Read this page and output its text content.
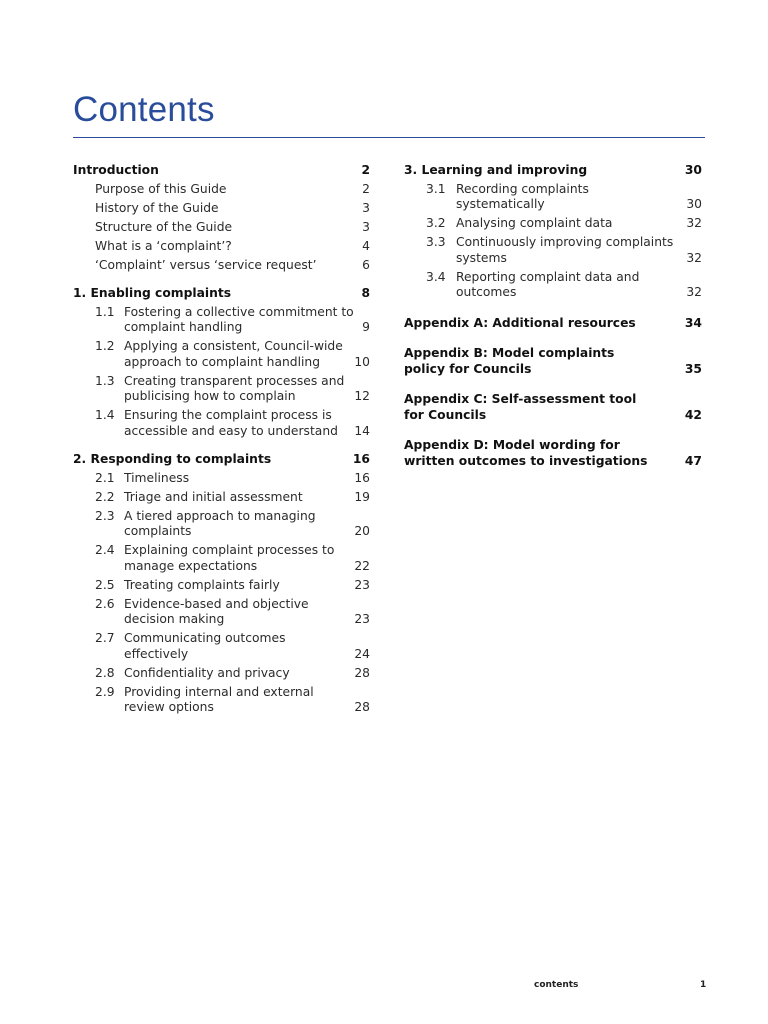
Contents
Introduction	2
Purpose of this Guide	2
History of the Guide	3
Structure of the Guide	3
What is a ‘complaint’?	4
‘Complaint’ versus ‘service request’	6
1. Enabling complaints	8
1.1 Fostering a collective commitment to complaint handling	9
1.2 Applying a consistent, Council-wide approach to complaint handling	10
1.3 Creating transparent processes and publicising how to complain	12
1.4 Ensuring the complaint process is accessible and easy to understand	14
2. Responding to complaints	16
2.1 Timeliness	16
2.2 Triage and initial assessment	19
2.3 A tiered approach to managing complaints	20
2.4 Explaining complaint processes to manage expectations	22
2.5 Treating complaints fairly	23
2.6 Evidence-based and objective decision making	23
2.7 Communicating outcomes effectively	24
2.8 Confidentiality and privacy	28
2.9 Providing internal and external review options	28
3. Learning and improving	30
3.1 Recording complaints systematically	30
3.2 Analysing complaint data	32
3.3 Continuously improving complaints systems	32
3.4 Reporting complaint data and outcomes	32
Appendix A: Additional resources	34
Appendix B: Model complaints policy for Councils	35
Appendix C: Self-assessment tool for Councils	42
Appendix D: Model wording for written outcomes to investigations	47
contents	1
